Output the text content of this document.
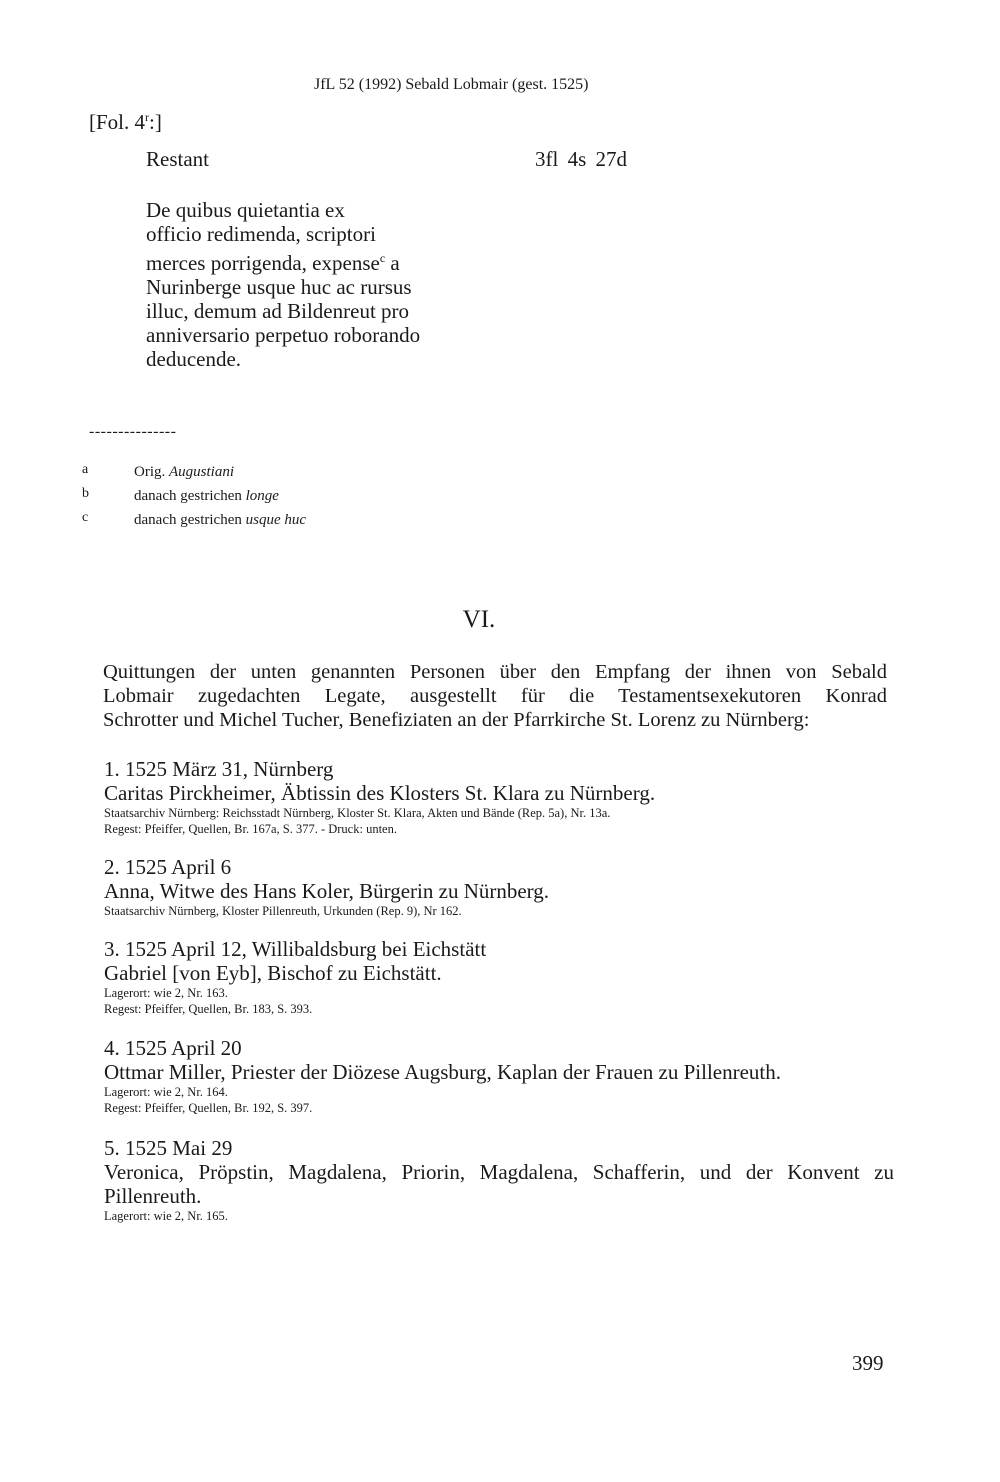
JfL 52 (1992) Sebald Lobmair (gest. 1525)
[Fol. 4$^r$:]
Restant	3fl 4s 27d

De quibus quietantia ex

officio redimenda, scriptori

merces porrigenda, expense$^c$ a

Nurinberge usque huc ac rursus

illuc, demum ad Bildenreut pro

anniversario perpetuo roborando

deducende.

---------------
a	Orig. Augustiani
b	danach gestrichen longe
c	danach gestrichen usque huc
VI.
Quittungen der unten genannten Personen über den Empfang der ihnen von Sebald
Lobmair zugedachten Legate, ausgestellt für die Testamentsexekutoren Konrad
Schrotter und Michel Tucher, Benefiziaten an der Pfarrkirche St. Lorenz zu Nürnberg:
1. 1525 März 31, Nürnberg
Caritas Pirckheimer, Äbtissin des Klosters St. Klara zu Nürnberg.
Staatsarchiv Nürnberg: Reichsstadt Nürnberg, Kloster St. Klara, Akten und Bände (Rep. 5a), Nr. 13a.
Regest: Pfeiffer, Quellen, Br. 167a, S. 377. - Druck: unten.
2. 1525 April 6
Anna, Witwe des Hans Koler, Bürgerin zu Nürnberg.
Staatsarchiv Nürnberg, Kloster Pillenreuth, Urkunden (Rep. 9), Nr 162.
3. 1525 April 12, Willibaldsburg bei Eichstätt
Gabriel [von Eyb], Bischof zu Eichstätt.
Lagerort: wie 2, Nr. 163.
Regest: Pfeiffer, Quellen, Br. 183, S. 393.
4. 1525 April 20
Ottmar Miller, Priester der Diözese Augsburg, Kaplan der Frauen zu Pillenreuth.
Lagerort: wie 2, Nr. 164.
Regest: Pfeiffer, Quellen, Br. 192, S. 397.
5. 1525 Mai 29
Veronica, Pröpstin, Magdalena, Priorin, Magdalena, Schafferin, und der Konvent zu
Pillenreuth.
Lagerort: wie 2, Nr. 165.
399
